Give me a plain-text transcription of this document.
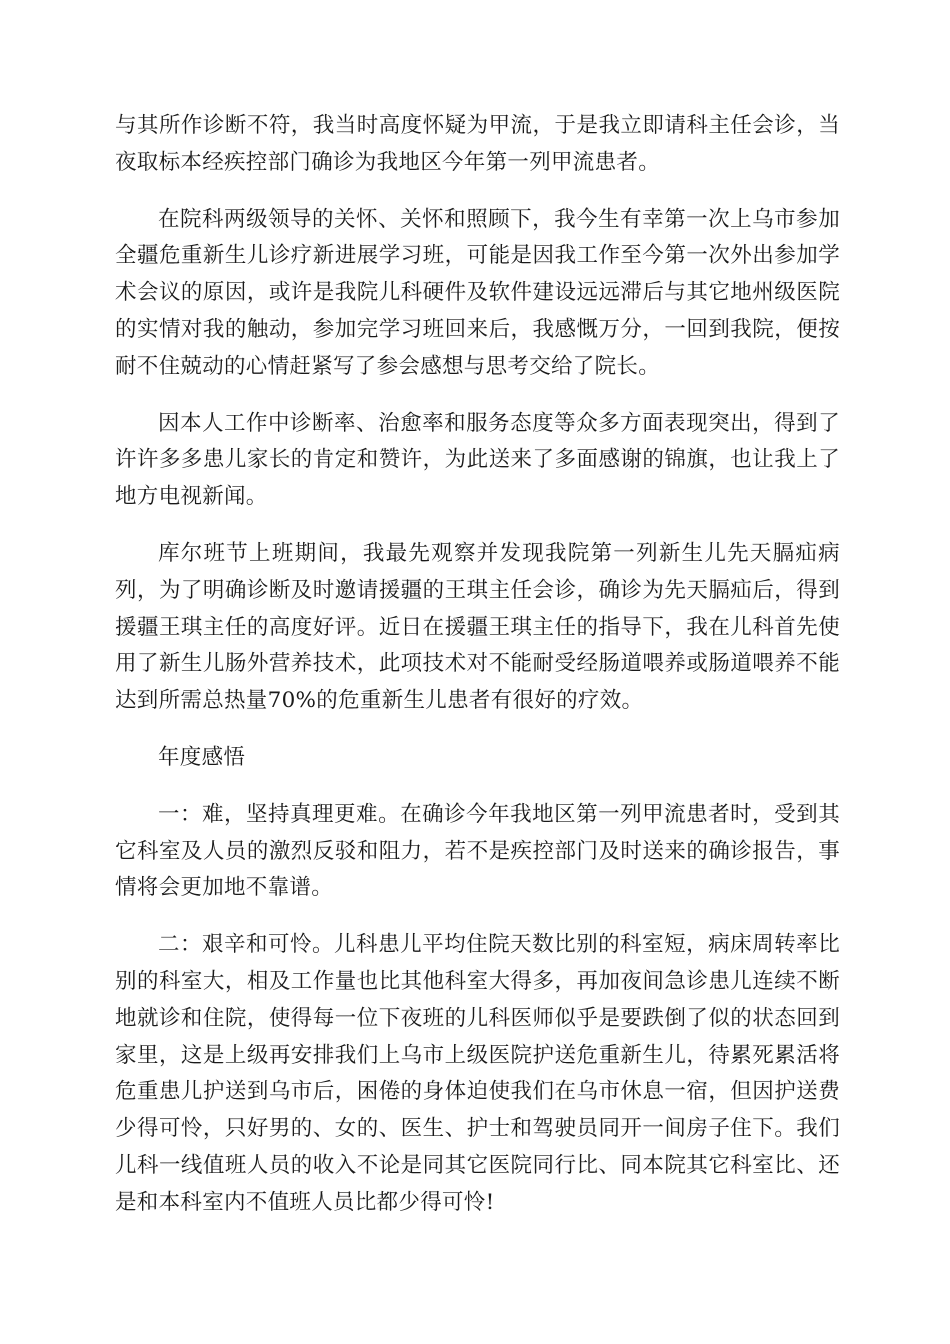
与其所作诊断不符，我当时高度怀疑为甲流，于是我立即请科主任会诊，当夜取标本经疾控部门确诊为我地区今年第一列甲流患者。

在院科两级领导的关怀、关怀和照顾下，我今生有幸第一次上乌市参加全疆危重新生儿诊疗新进展学习班，可能是因我工作至今第一次外出参加学术会议的原因，或许是我院儿科硬件及软件建设远远滞后与其它地州级医院的实情对我的触动，参加完学习班回来后，我感慨万分，一回到我院，便按耐不住兢动的心情赶紧写了参会感想与思考交给了院长。

因本人工作中诊断率、治愈率和服务态度等众多方面表现突出，得到了许许多多患儿家长的肯定和赞许，为此送来了多面感谢的锦旗，也让我上了地方电视新闻。

库尔班节上班期间，我最先观察并发现我院第一列新生儿先天膈疝病列，为了明确诊断及时邀请援疆的王琪主任会诊，确诊为先天膈疝后，得到援疆王琪主任的高度好评。近日在援疆王琪主任的指导下，我在儿科首先使用了新生儿肠外营养技术，此项技术对不能耐受经肠道喂养或肠道喂养不能达到所需总热量70%的危重新生儿患者有很好的疗效。

年度感悟

一：难，坚持真理更难。在确诊今年我地区第一列甲流患者时，受到其它科室及人员的激烈反驳和阻力，若不是疾控部门及时送来的确诊报告，事情将会更加地不靠谱。

二：艰辛和可怜。儿科患儿平均住院天数比别的科室短，病床周转率比别的科室大，相及工作量也比其他科室大得多，再加夜间急诊患儿连续不断地就诊和住院，使得每一位下夜班的儿科医师似乎是要跌倒了似的状态回到家里，这是上级再安排我们上乌市上级医院护送危重新生儿，待累死累活将危重患儿护送到乌市后，困倦的身体迫使我们在乌市休息一宿，但因护送费少得可怜，只好男的、女的、医生、护士和驾驶员同开一间房子住下。我们儿科一线值班人员的收入不论是同其它医院同行比、同本院其它科室比、还是和本科室内不值班人员比都少得可怜!
